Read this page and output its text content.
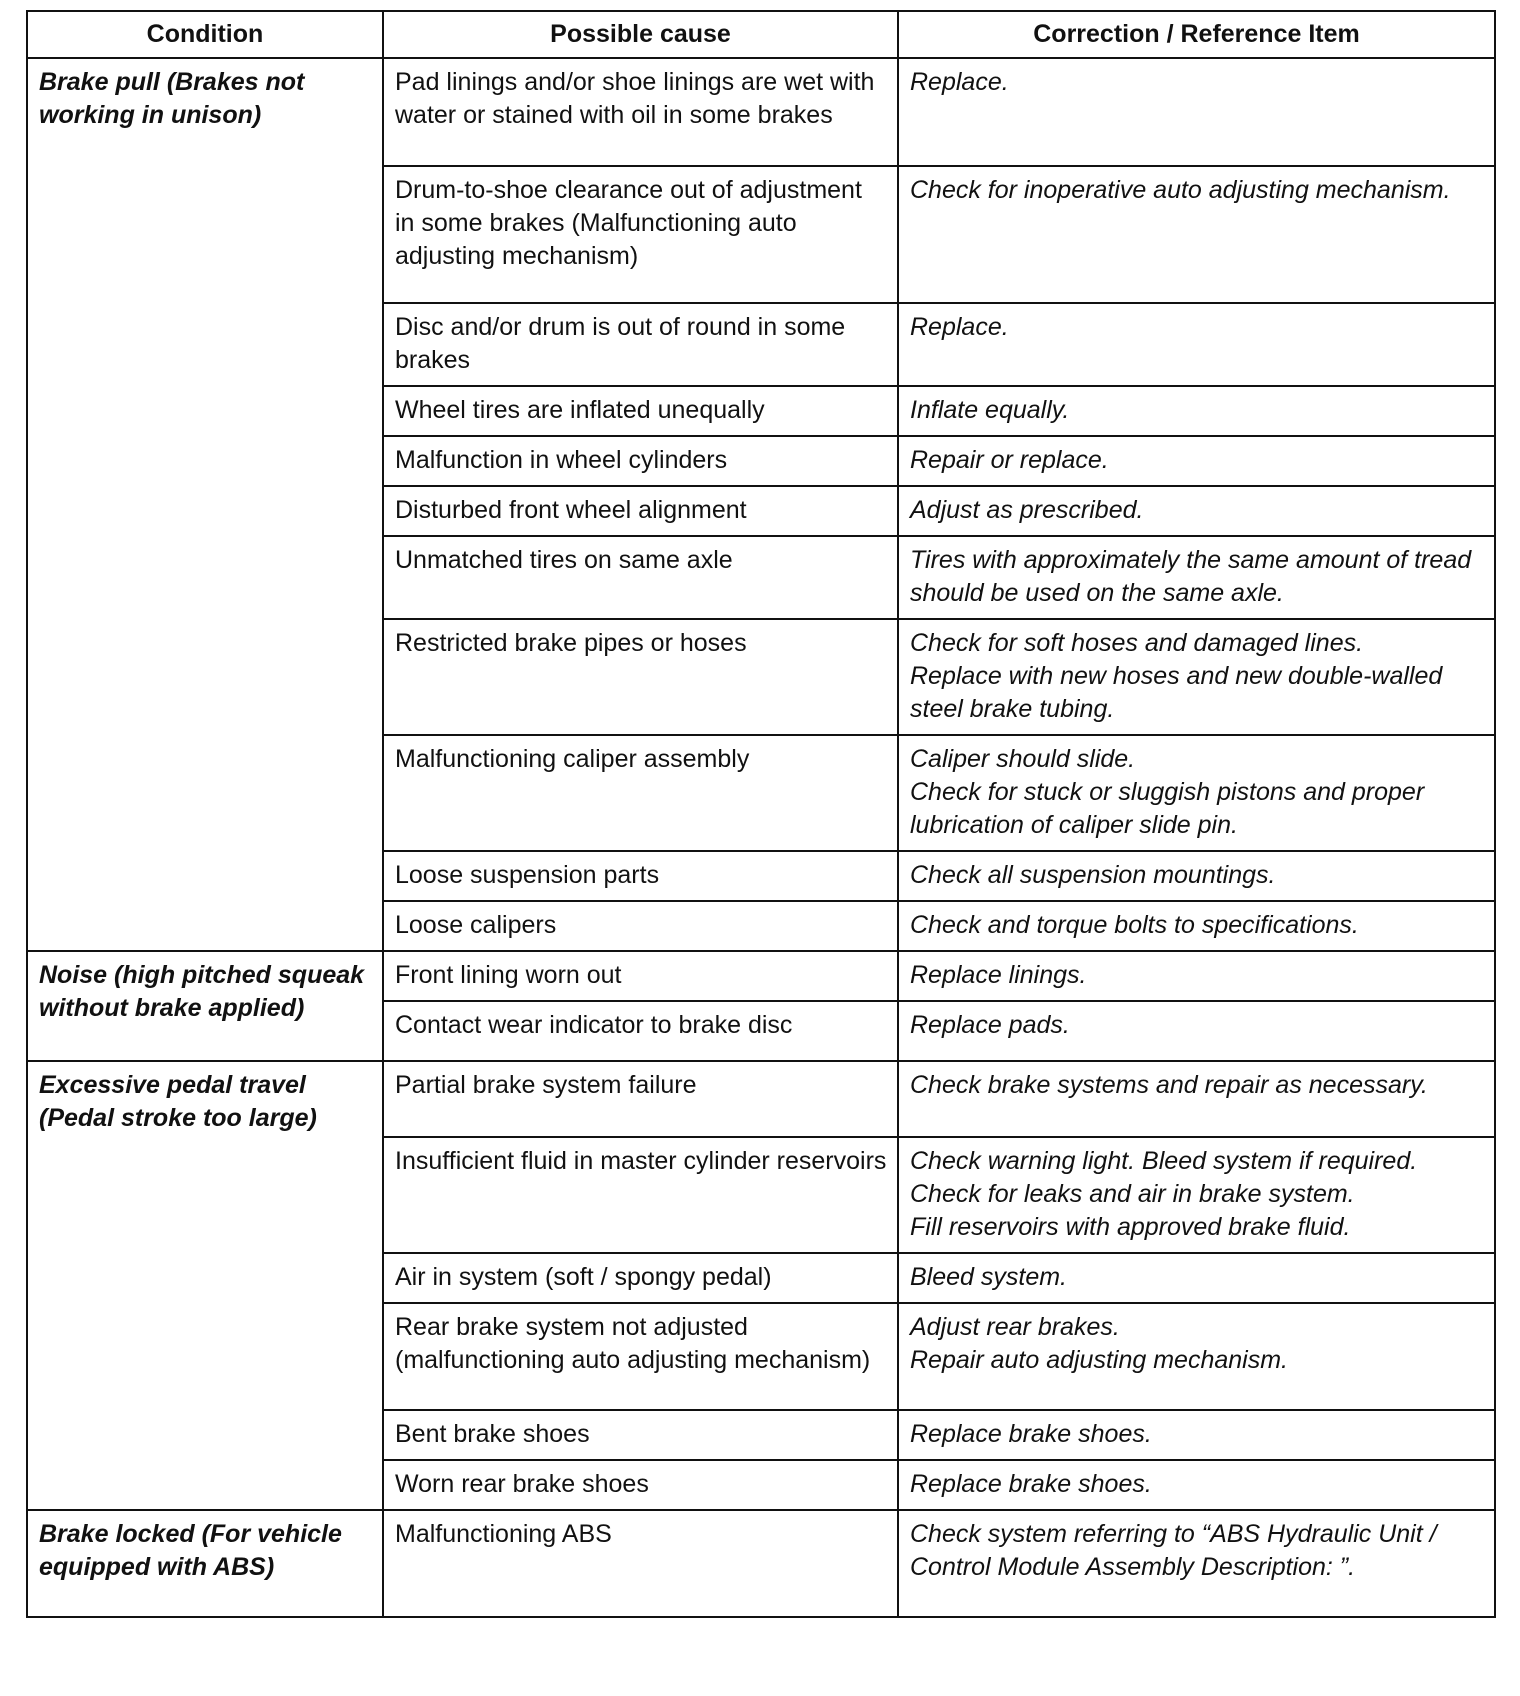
Condition	Possible cause	Correction / Reference Item
Brake pull (Brakes not working in unison)	Pad linings and/or shoe linings are wet with water or stained with oil in some brakes	Replace.

	Drum-to-shoe clearance out of adjustment in some brakes (Malfunctioning auto adjusting mechanism)	Check for inoperative auto adjusting mechanism.

	Disc and/or drum is out of round in some brakes	Replace.

	Wheel tires are inflated unequally	Inflate equally.

	Malfunction in wheel cylinders	Repair or replace.

	Disturbed front wheel alignment	Adjust as prescribed.

	Unmatched tires on same axle	Tires with approximately the same amount of tread should be used on the same axle.

	Restricted brake pipes or hoses	Check for soft hoses and damaged lines.
Replace with new hoses and new double-walled steel brake tubing.

	Malfunctioning caliper assembly	Caliper should slide.
Check for stuck or sluggish pistons and proper lubrication of caliper slide pin.

	Loose suspension parts	Check all suspension mountings.

	Loose calipers	Check and torque bolts to specifications.

Noise (high pitched squeak without brake applied)	Front lining worn out	Replace linings.

	Contact wear indicator to brake disc	Replace pads.

Excessive pedal travel (Pedal stroke too large)	Partial brake system failure	Check brake systems and repair as necessary.

	Insufficient fluid in master cylinder reservoirs	Check warning light. Bleed system if required.
Check for leaks and air in brake system.
Fill reservoirs with approved brake fluid.

	Air in system (soft / spongy pedal)	Bleed system.

	Rear brake system not adjusted (malfunctioning auto adjusting mechanism)	Adjust rear brakes.
Repair auto adjusting mechanism.

	Bent brake shoes	Replace brake shoes.

	Worn rear brake shoes	Replace brake shoes.

Brake locked (For vehicle equipped with ABS)	Malfunctioning ABS	Check system referring to “ABS Hydraulic Unit / Control Module Assembly Description: ”.
